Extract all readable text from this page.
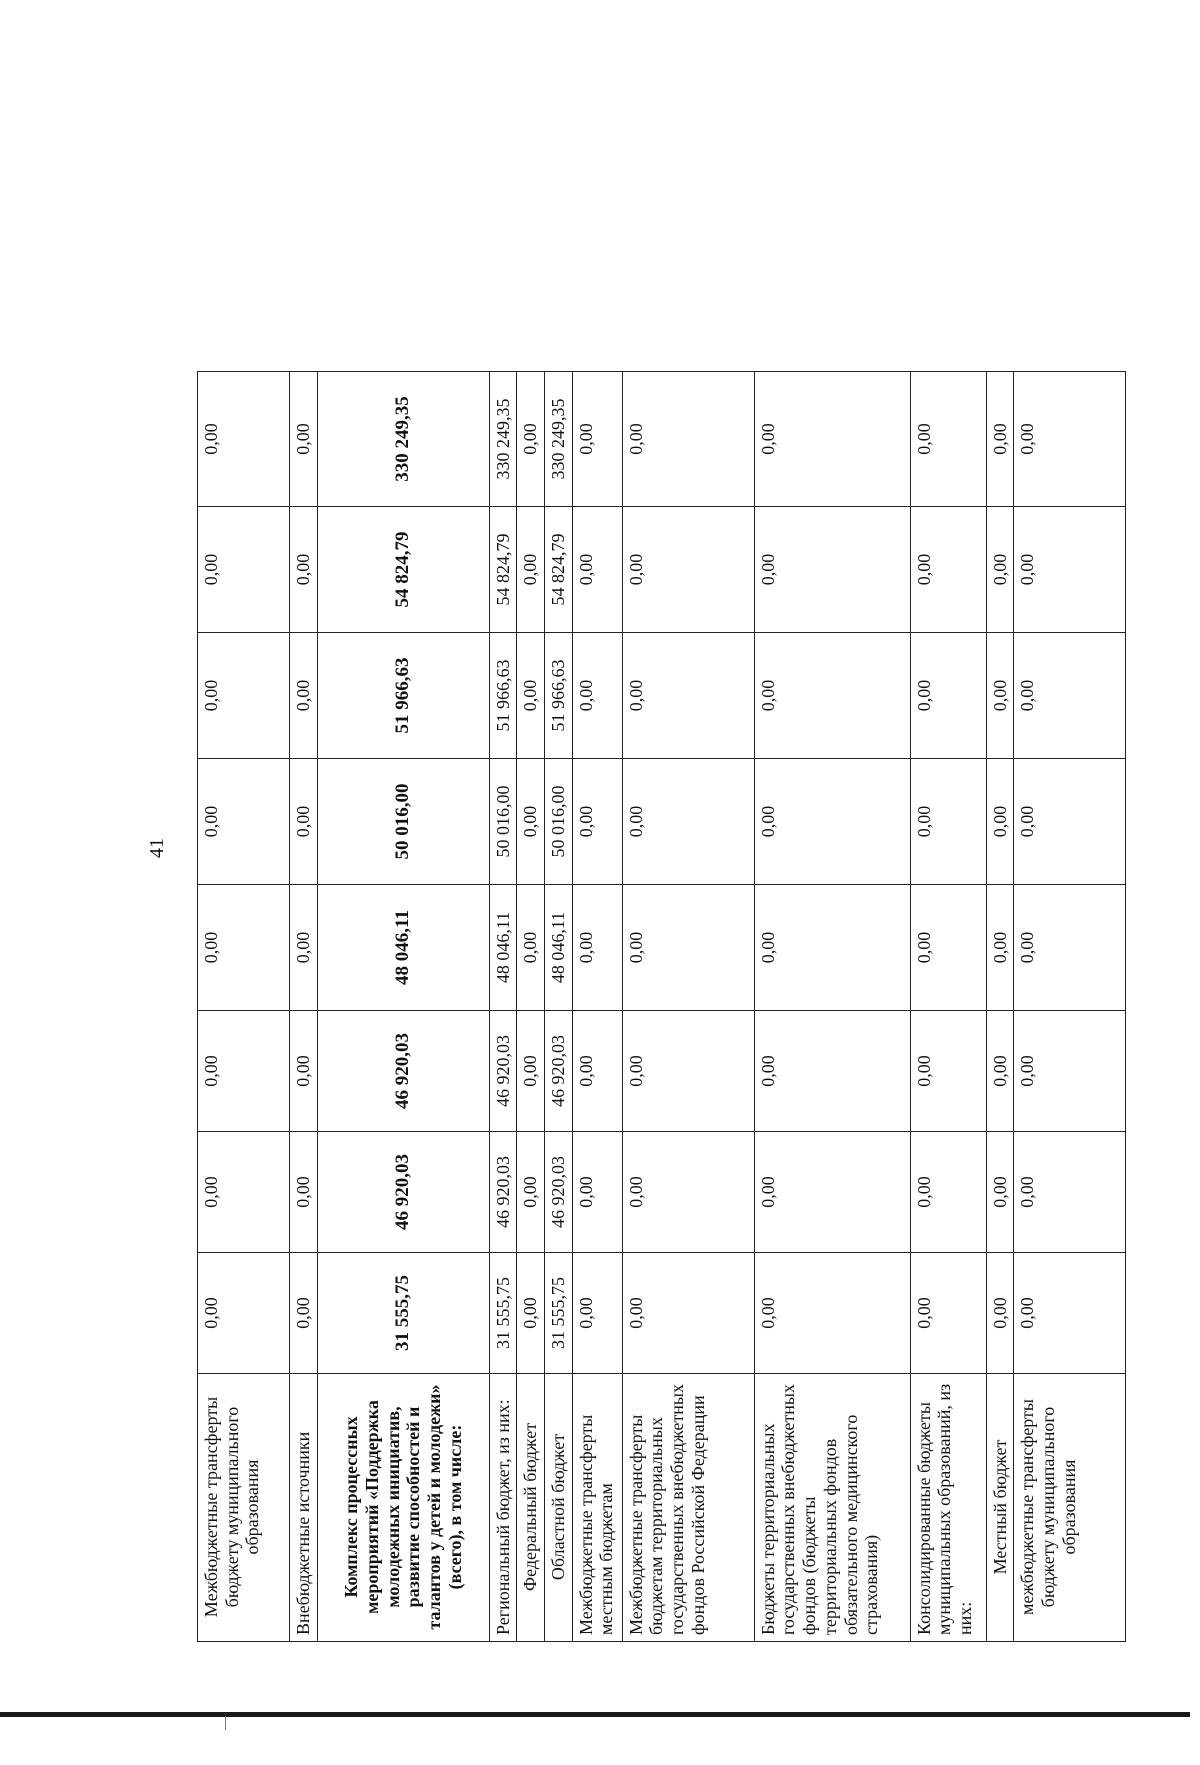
41
Межбюджетные трансферты бюджету муниципального образования	0,00	0,00	0,00	0,00	0,00	0,00	0,00	0,00
Внебюджетные источники	0,00	0,00	0,00	0,00	0,00	0,00	0,00	0,00
Комплекс процессных мероприятий «Поддержка молодежных инициатив, развитие способностей и талантов у детей и молодежи» (всего), в том числе:	31 555,75	46 920,03	46 920,03	48 046,11	50 016,00	51 966,63	54 824,79	330 249,35
Региональный бюджет, из них:	31 555,75	46 920,03	46 920,03	48 046,11	50 016,00	51 966,63	54 824,79	330 249,35
Федеральный бюджет	0,00	0,00	0,00	0,00	0,00	0,00	0,00	0,00
Областной бюджет	31 555,75	46 920,03	46 920,03	48 046,11	50 016,00	51 966,63	54 824,79	330 249,35
Межбюджетные трансферты местным бюджетам	0,00	0,00	0,00	0,00	0,00	0,00	0,00	0,00
Межбюджетные трансферты бюджетам территориальных государственных внебюджетных фондов Российской Федерации	0,00	0,00	0,00	0,00	0,00	0,00	0,00	0,00
Бюджеты территориальных государственных внебюджетных фондов (бюджеты территориальных фондов обязательного медицинского страхования)	0,00	0,00	0,00	0,00	0,00	0,00	0,00	0,00
Консолидированные бюджеты муниципальных образований, из них:	0,00	0,00	0,00	0,00	0,00	0,00	0,00	0,00
Местный бюджет	0,00	0,00	0,00	0,00	0,00	0,00	0,00	0,00
межбюджетные трансферты бюджету муниципального образования	0,00	0,00	0,00	0,00	0,00	0,00	0,00	0,00
